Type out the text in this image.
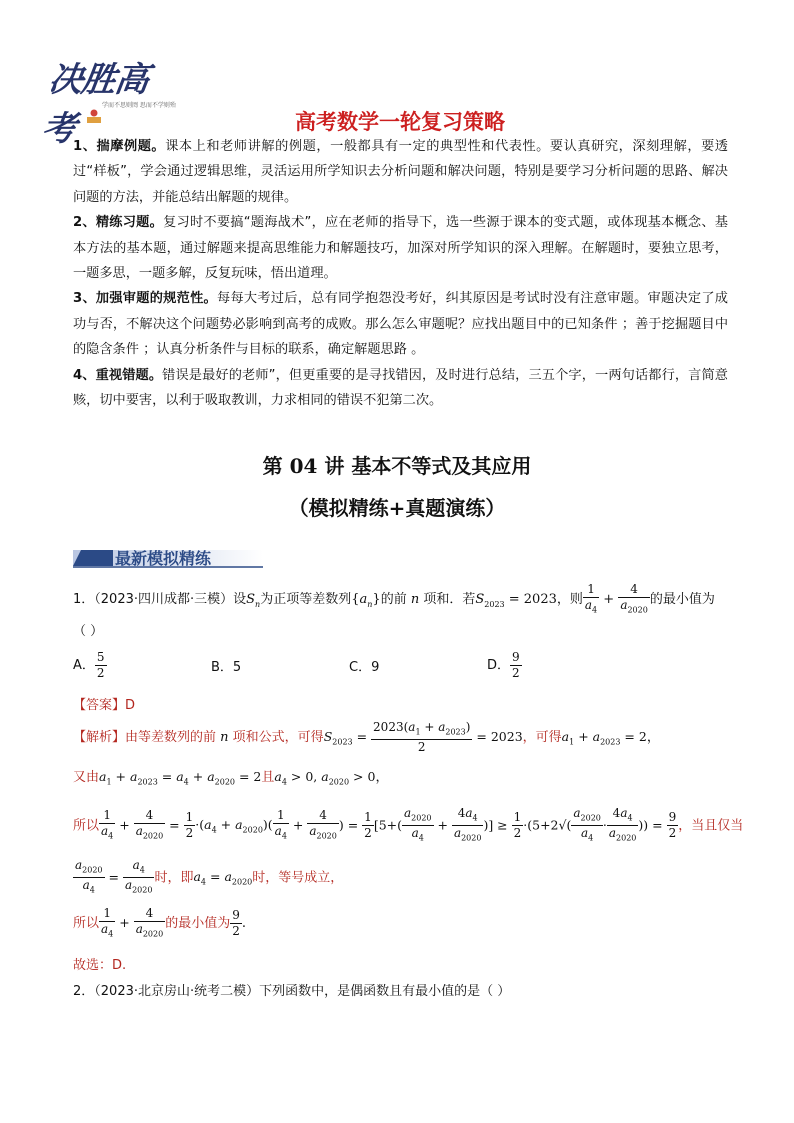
决胜高考
学而不思则罔 思而不学则殆
高考数学一轮复习策略

1、揣摩例题。课本上和老师讲解的例题，一般都具有一定的典型性和代表性。要认真研究，深刻理解，要透过“样板”，学会通过逻辑思维，灵活运用所学知识去分析问题和解决问题，特别是要学习分析问题的思路、解决问题的方法，并能总结出解题的规律。

2、精练习题。复习时不要搞“题海战术”，应在老师的指导下，选一些源于课本的变式题，或体现基本概念、基本方法的基本题，通过解题来提高思维能力和解题技巧，加深对所学知识的深入理解。在解题时，要独立思考，一题多思，一题多解，反复玩味，悟出道理。

3、加强审题的规范性。每每大考过后，总有同学抱怨没考好，纠其原因是考试时没有注意审题。审题决定了成功与否，不解决这个问题势必影响到高考的成败。那么怎么审题呢？应找出题目中的已知条件 ；善于挖掘题目中的隐含条件 ；认真分析条件与目标的联系，确定解题思路 。

4、重视错题。错误是最好的老师”，但更重要的是寻找错因，及时进行总结，三五个字，一两句话都行，言简意赅，切中要害，以利于吸取教训，力求相同的错误不犯第二次。

第 04 讲 基本不等式及其应用
（模拟精练+真题演练）
最新模拟精练
1．（2023·四川成都·三模）设$S_n$为正项等差数列$\{a_n\}$的前 n 项和．若$S_{2023} = 2023$，则 $\frac{1}{a_4} + \frac{4}{a_{2020}}$ 的最小值为
（ ）
A． $\frac{5}{2}$	B．5	C．9	D． $\frac{9}{2}$
【答案】D
【解析】由等差数列的前 n 项和公式，可得$S_{2023} = \frac{2023(a_1 + a_{2023})}{2} = 2023$，可得$a_1 + a_{2023} = 2$，
又由$a_1 + a_{2023} = a_4 + a_{2020} = 2$且$a_4 > 0$, $a_{2020} > 0$，
所以 $\frac{1}{a_4} + \frac{4}{a_{2020}} = \frac{1}{2} \cdot(a_4 + a_{2020})( \frac{1}{a_4} + \frac{4}{a_{2020}}$ ) = $\frac{1}{2} [5+( \frac{a_{2020}}{a_4} + \frac{4a_4}{a_{2020}}$ )] ≥ $\frac{1}{2} \cdot(5+2√( \frac{a_{2020}}{a_4} \cdot \frac{4a_4}{a_{2020}}$ )) = $\frac{9}{2}$ ，当且仅当
$\frac{a_{2020}}{a_4} = \frac{a_4}{a_{2020}}$ 时，即$a_4 = a_{2020}$时，等号成立，
所以 $\frac{1}{a_4} + \frac{4}{a_{2020}}$ 的最小值为 $\frac{9}{2}$ .
故选：D.
2．（2023·北京房山·统考二模）下列函数中，是偶函数且有最小值的是（ ）
